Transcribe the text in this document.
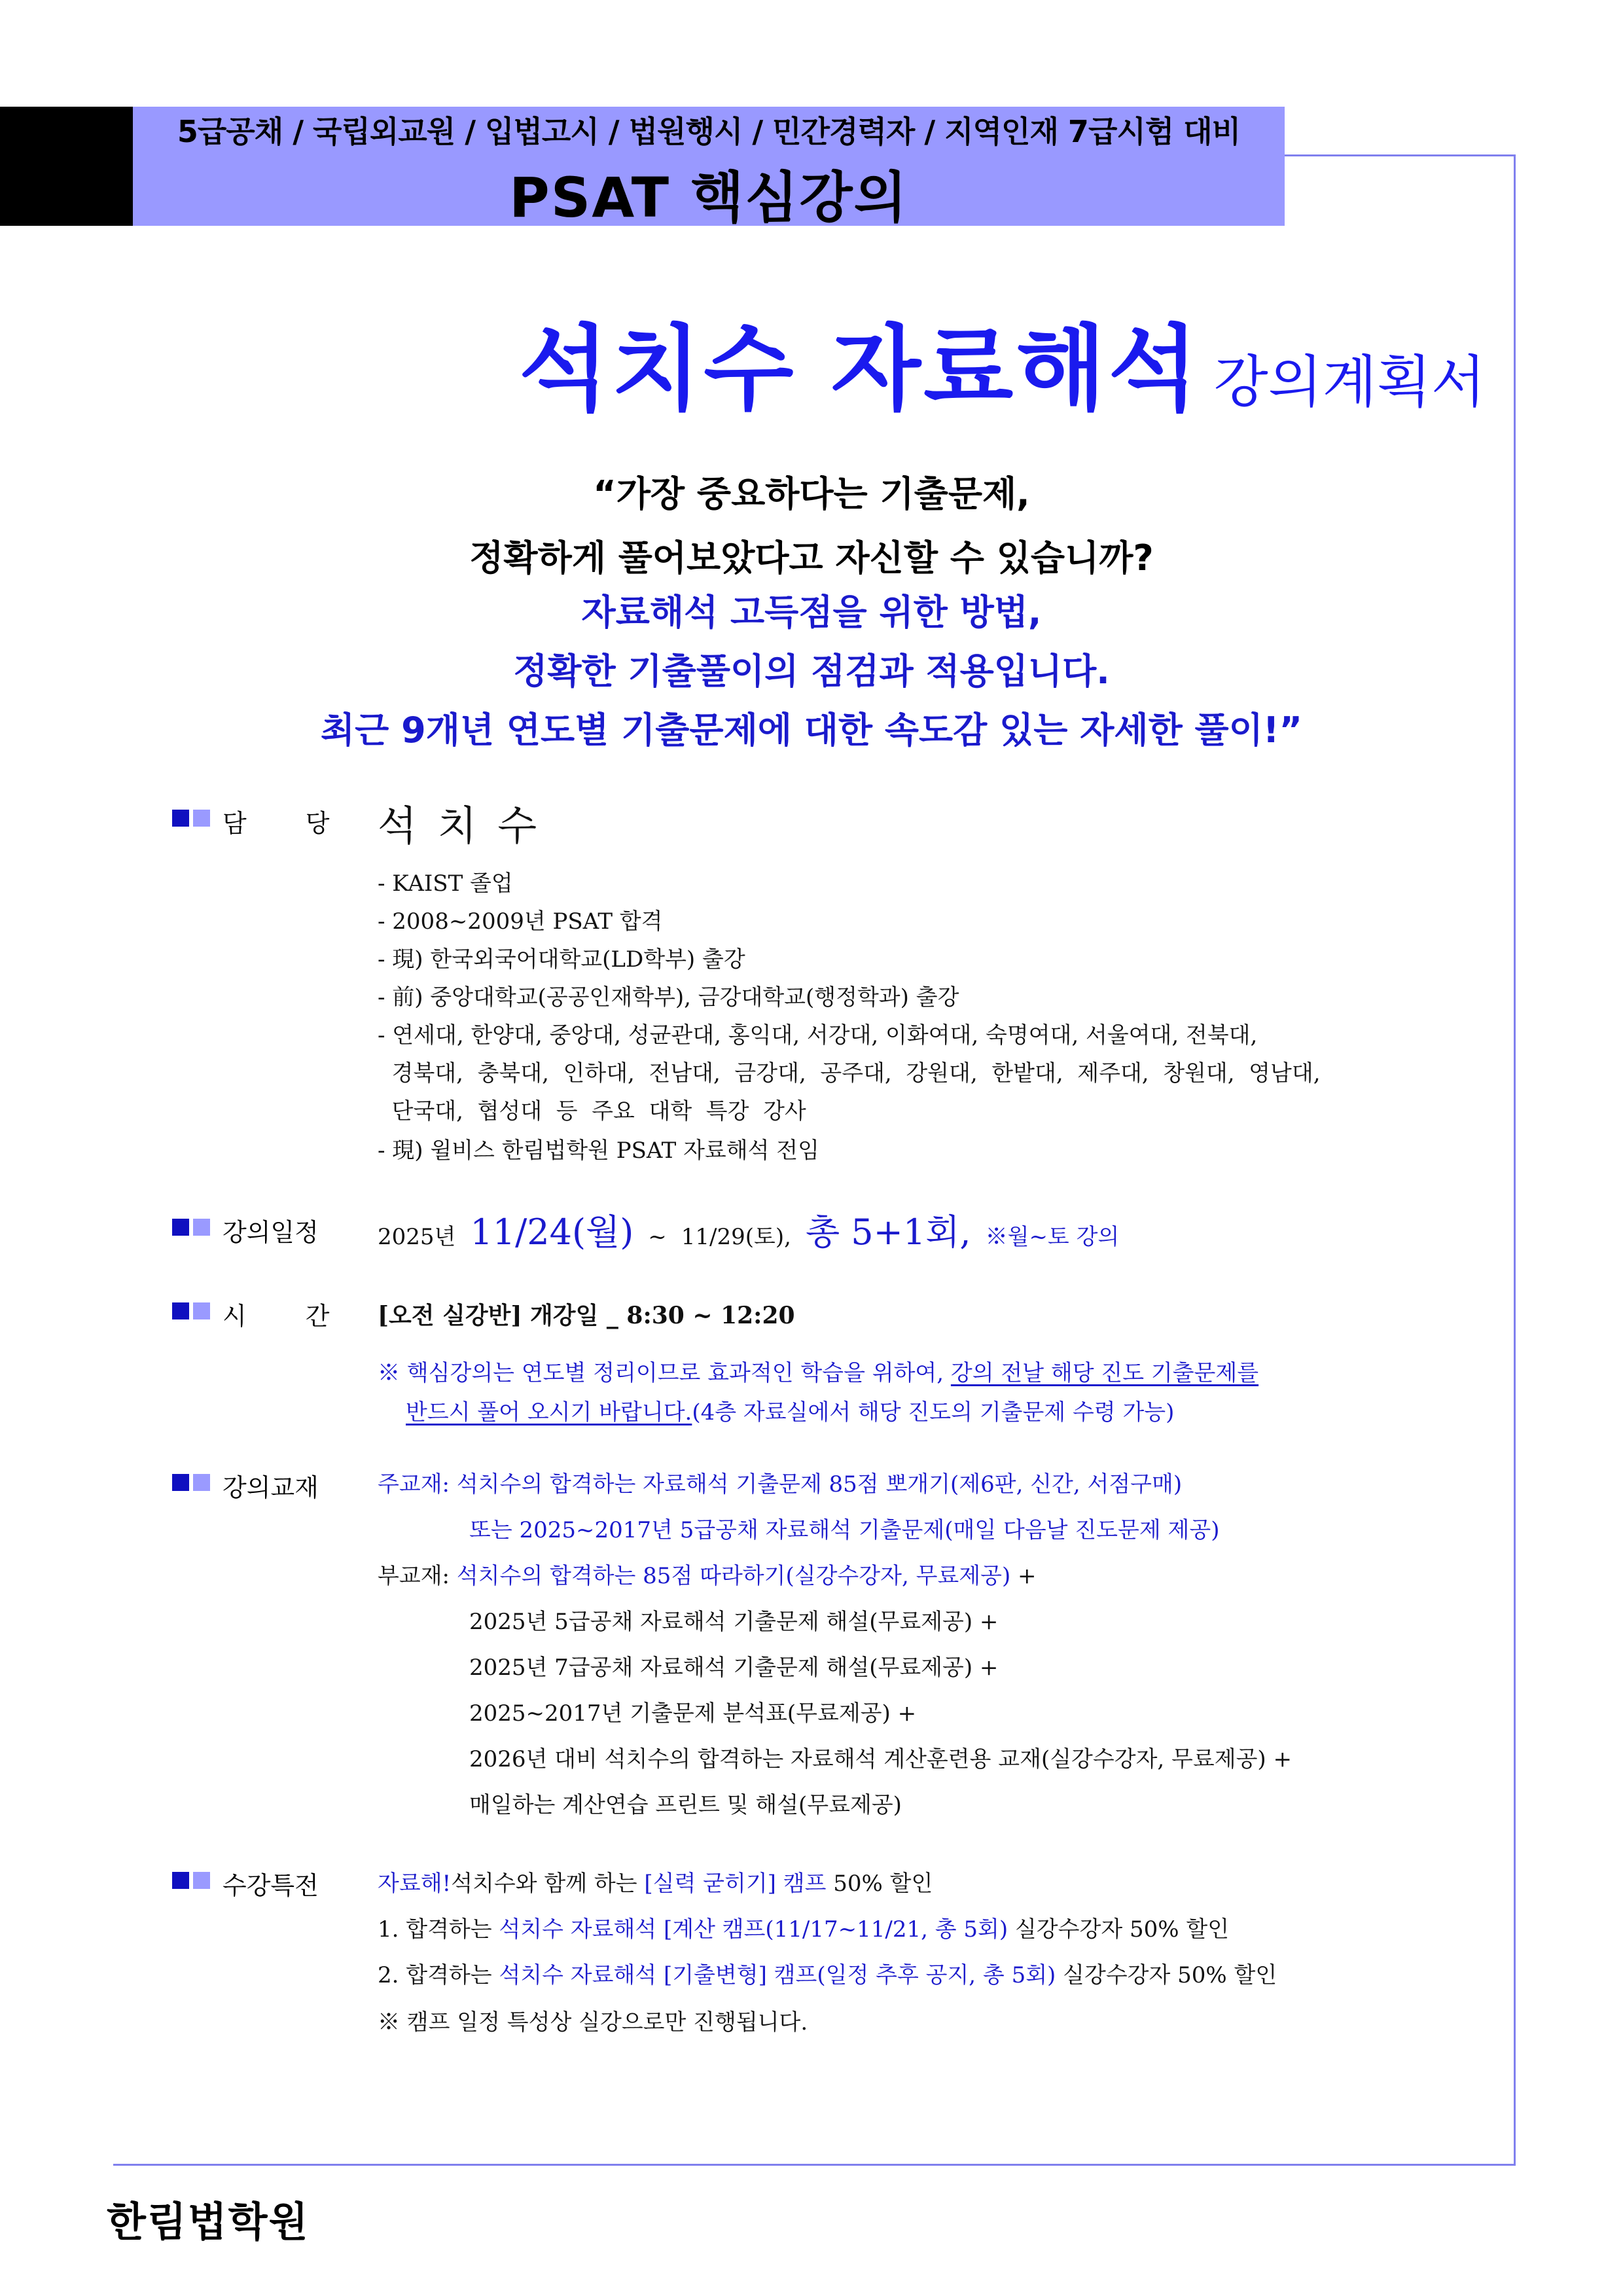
5급공채 / 국립외교원 / 입법고시 / 법원행시 / 민간경력자 / 지역인재 7급시험 대비
PSAT 핵심강의
석치수 자료해석 강의계획서
“가장 중요하다는 기출문제,
정확하게 풀어보았다고 자신할 수 있습니까?
자료해석 고득점을 위한 방법,
정확한 기출풀이의 점검과 적용입니다.
최근 9개년 연도별 기출문제에 대한 속도감 있는 자세한 풀이!”
담 당 석 치 수
- KAIST 졸업
- 2008~2009년 PSAT 합격
- 現) 한국외국어대학교(LD학부) 출강
- 前) 중앙대학교(공공인재학부), 금강대학교(행정학과) 출강
- 연세대, 한양대, 중앙대, 성균관대, 홍익대, 서강대, 이화여대, 숙명여대, 서울여대, 전북대,
경북대,  충북대,  인하대,  전남대,  금강대,  공주대,  강원대,  한밭대,  제주대,  창원대,  영남대,
단국대,  협성대  등  주요  대학  특강  강사
- 現) 윌비스 한림법학원 PSAT 자료해석 전임
강의일정	2025년 11/24(월) ~ 11/29(토), 총 5+1회, ※월~토 강의
시 간 [오전 실강반] 개강일 _ 8:30 ~ 12:20
※ 핵심강의는 연도별 정리이므로 효과적인 학습을 위하여, 강의 전날 해당 진도 기출문제를
반드시 풀어 오시기 바랍니다.(4층 자료실에서 해당 진도의 기출문제 수령 가능)
강의교재	주교재: 석치수의 합격하는 자료해석 기출문제 85점 뽀개기(제6판, 신간, 서점구매)
또는 2025~2017년 5급공채 자료해석 기출문제(매일 다음날 진도문제 제공)
부교재: 석치수의 합격하는 85점 따라하기(실강수강자, 무료제공) +
2025년 5급공채 자료해석 기출문제 해설(무료제공) +
2025년 7급공채 자료해석 기출문제 해설(무료제공) +
2025~2017년 기출문제 분석표(무료제공) +
2026년 대비 석치수의 합격하는 자료해석 계산훈련용 교재(실강수강자, 무료제공) +
매일하는 계산연습 프린트 및 해설(무료제공)
수강특전	자료해!석치수와 함께 하는 [실력 굳히기] 캠프 50% 할인
1. 합격하는 석치수 자료해석 [계산 캠프(11/17~11/21, 총 5회) 실강수강자 50% 할인
2. 합격하는 석치수 자료해석 [기출변형] 캠프(일정 추후 공지, 총 5회) 실강수강자 50% 할인
※ 캠프 일정 특성상 실강으로만 진행됩니다.
한림법학원
